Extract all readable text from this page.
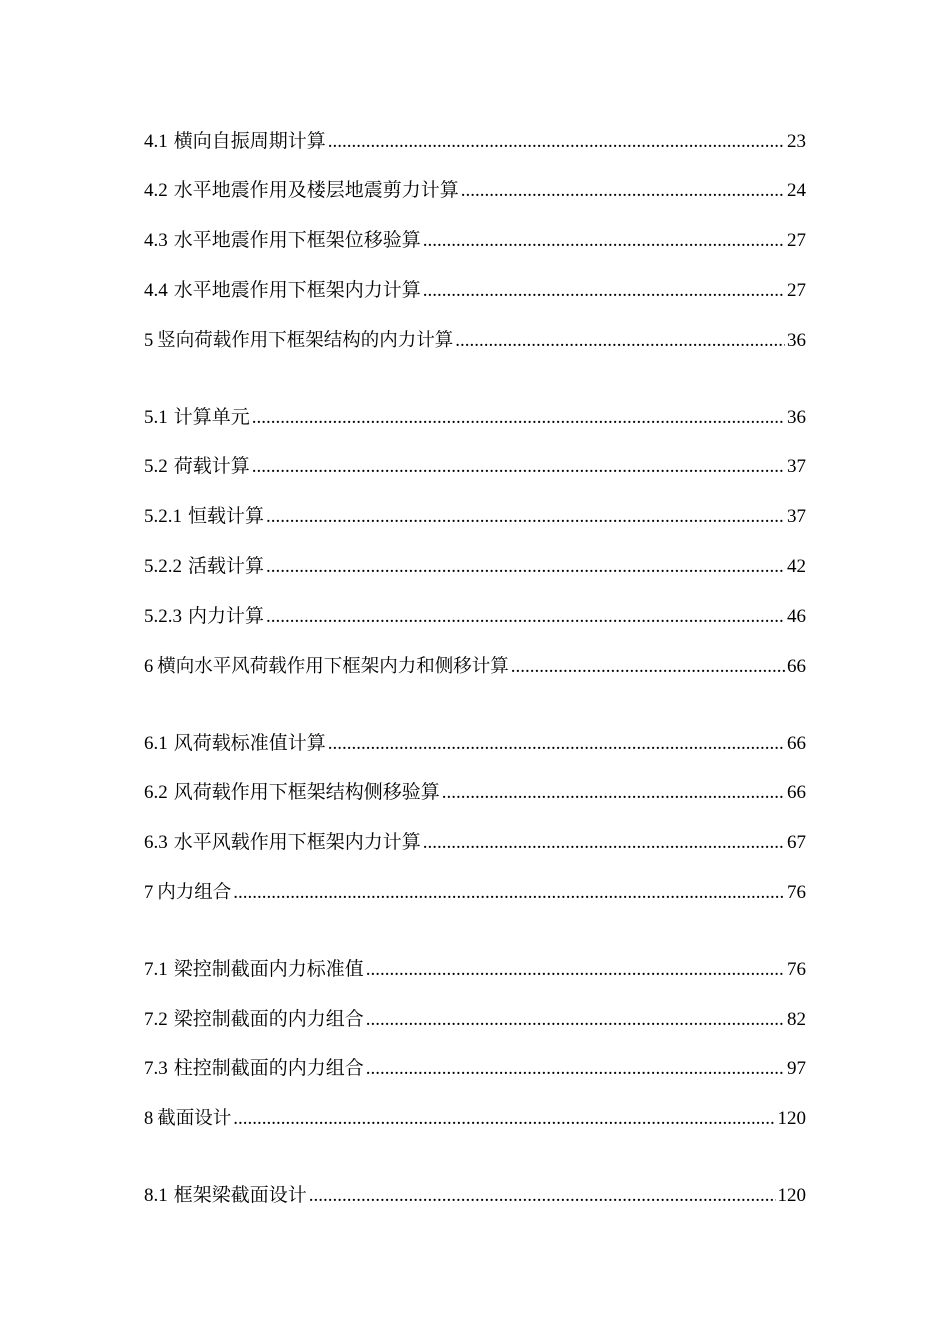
4.1 横向自振周期计算 .....	23
4.2 水平地震作用及楼层地震剪力计算 .....	24
4.3 水平地震作用下框架位移验算 .....	27
4.4 水平地震作用下框架内力计算 .....	27
5 竖向荷载作用下框架结构的内力计算 .....	36
5.1 计算单元 .....	36
5.2 荷载计算 .....	37
5.2.1 恒载计算 .....	37
5.2.2 活载计算 .....	42
5.2.3 内力计算 .....	46
6 横向水平风荷载作用下框架内力和侧移计算 .....	66
6.1 风荷载标准值计算 .....	66
6.2 风荷载作用下框架结构侧移验算 .....	66
6.3 水平风载作用下框架内力计算 .....	67
7 内力组合 .....	76
7.1 梁控制截面内力标准值 .....	76
7.2 梁控制截面的内力组合 .....	82
7.3 柱控制截面的内力组合 .....	97
8 截面设计 .....	120
8.1 框架梁截面设计 .....	120
